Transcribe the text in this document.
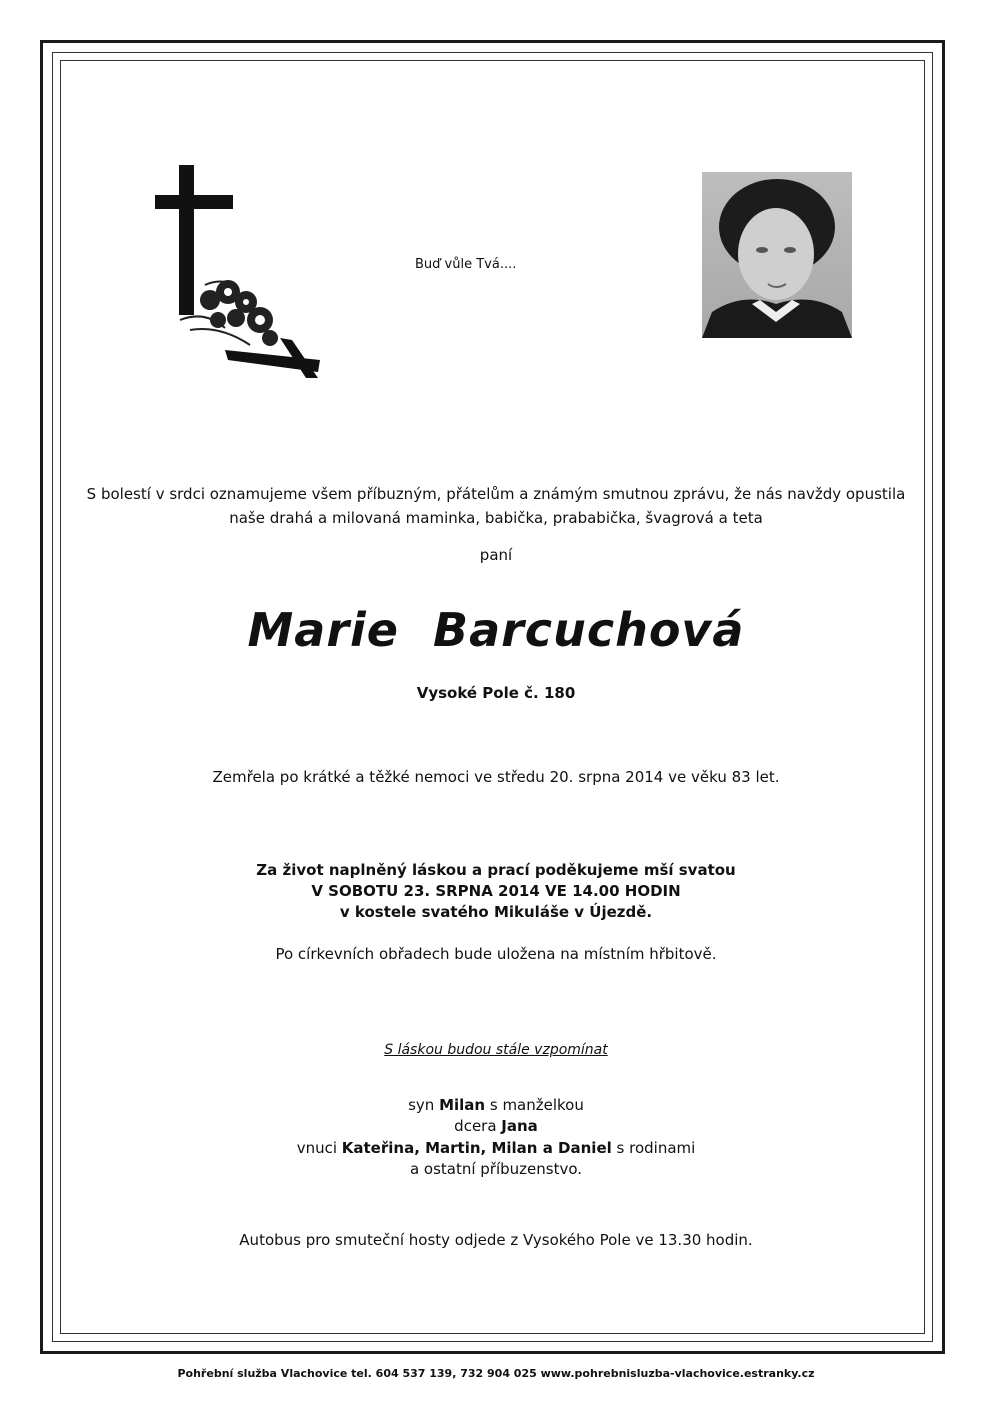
Buď vůle Tvá....
S bolestí v srdci oznamujeme všem příbuzným, přátelům a známým smutnou zprávu, že nás navždy opustila
naše drahá a milovaná maminka, babička, prababička, švagrová a teta
paní
Marie  Barcuchová
Vysoké Pole č. 180
Zemřela po krátké a těžké nemoci ve středu 20. srpna 2014 ve věku 83 let.
Za život naplněný láskou a prací poděkujeme mší svatou
V SOBOTU 23. SRPNA 2014 VE 14.00 HODIN
v kostele svatého Mikuláše v Újezdě.
Po církevních obřadech bude uložena na místním hřbitově.
S láskou budou stále vzpomínat
syn Milan s manželkou
dcera Jana
vnuci Kateřina, Martin, Milan a Daniel s rodinami
a ostatní příbuzenstvo.
Autobus pro smuteční hosty odjede z Vysokého Pole ve 13.30 hodin.
Pohřební služba Vlachovice tel. 604 537 139, 732 904 025 www.pohrebnisluzba-vlachovice.estranky.cz
